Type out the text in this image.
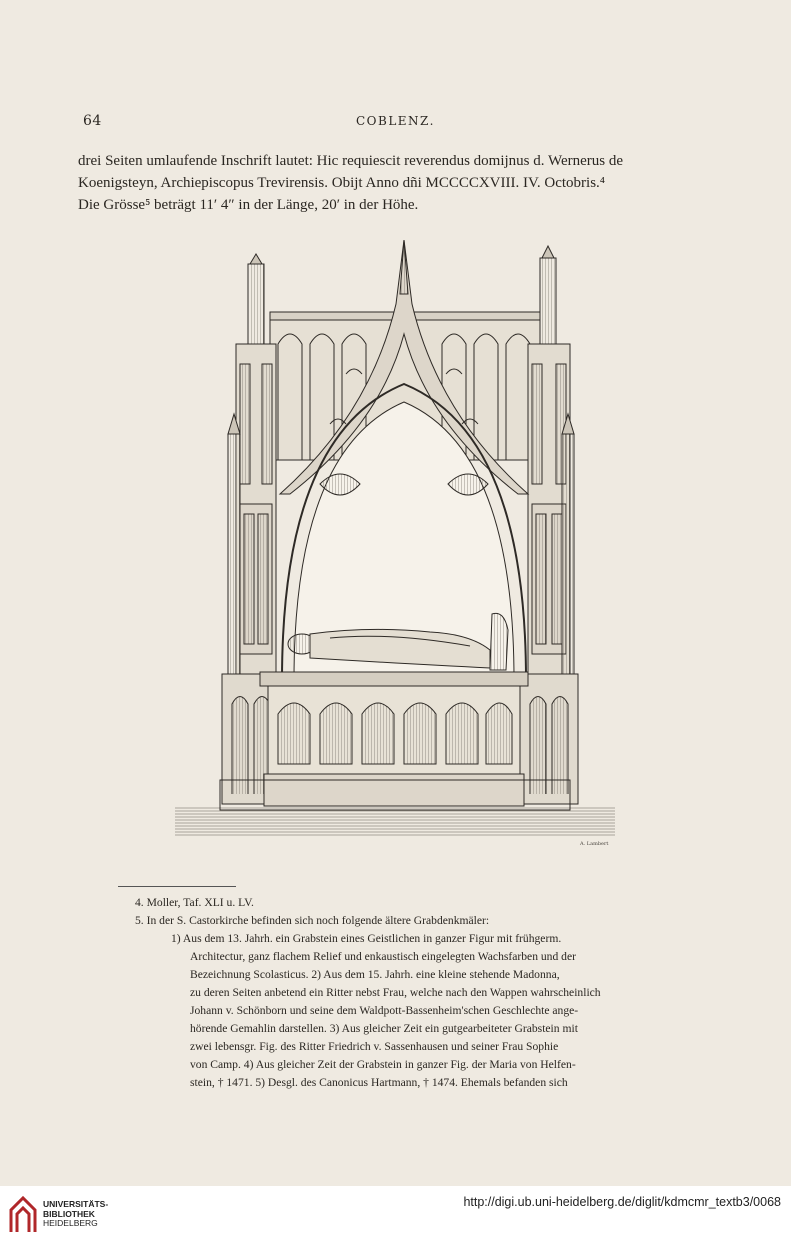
64	COBLENZ.

drei Seiten umlaufende Inschrift lautet: Hic requiescit reverendus domijnus d. Wernerus de

Koenigsteyn, Archiepiscopus Trevirensis. Obijt Anno dñi MCCCCXVIII. IV. Octobris.⁴

Die Grösse⁵ beträgt 11′ 4″ in der Länge, 20′ in der Höhe.

A. Lambert

4. Moller, Taf. XLI u. LV.

5. In der S. Castorkirche befinden sich noch folgende ältere Grabdenkmäler:

1) Aus dem 13. Jahrh. ein Grabstein eines Geistlichen in ganzer Figur mit frühgerm.

Architectur, ganz flachem Relief und enkaustisch eingelegten Wachsfarben und der

Bezeichnung Scolasticus. 2) Aus dem 15. Jahrh. eine kleine stehende Madonna,

zu deren Seiten anbetend ein Ritter nebst Frau, welche nach den Wappen wahrscheinlich

Johann v. Schönborn und seine dem Waldpott-Bassenheim'schen Geschlechte ange-

hörende Gemahlin darstellen. 3) Aus gleicher Zeit ein gutgearbeiteter Grabstein mit

zwei lebensgr. Fig. des Ritter Friedrich v. Sassenhausen und seiner Frau Sophie

von Camp. 4) Aus gleicher Zeit der Grabstein in ganzer Fig. der Maria von Helfen-

stein, † 1471. 5) Desgl. des Canonicus Hartmann, † 1474. Ehemals befanden sich

UNIVERSITÄTS-
BIBLIOTHEK
HEIDELBERG
http://digi.ub.uni-heidelberg.de/diglit/kdmcmr_textb3/0068
